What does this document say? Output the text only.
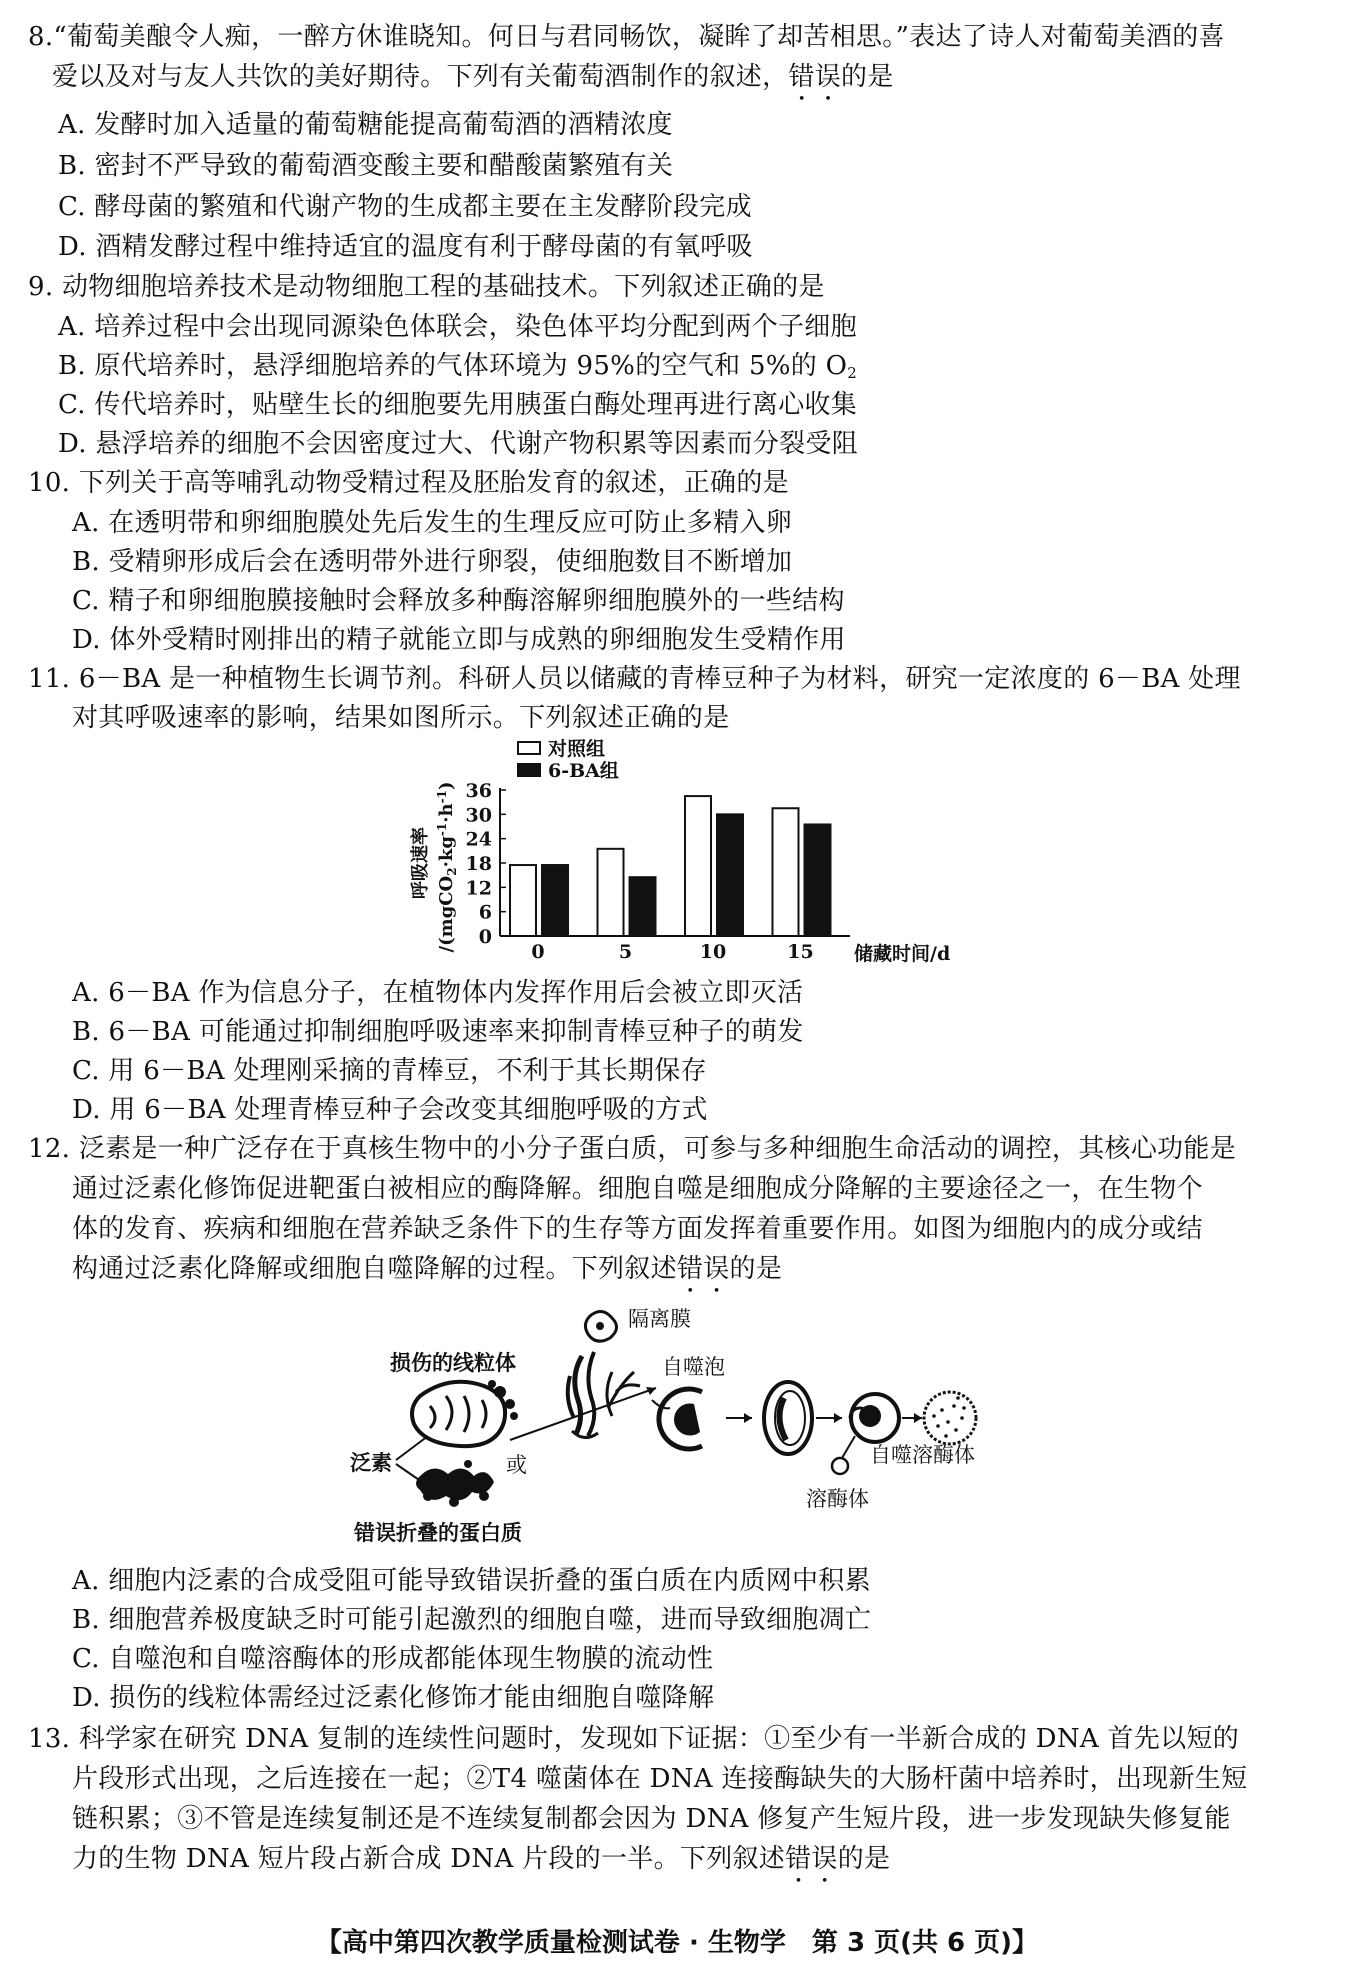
8.“葡萄美酿令人痴，一醉方休谁晓知。何日与君同畅饮，凝眸了却苦相思。”表达了诗人对葡萄美酒的喜
爱以及对与友人共饮的美好期待。下列有关葡萄酒制作的叙述，错误的是
A. 发酵时加入适量的葡萄糖能提高葡萄酒的酒精浓度
B. 密封不严导致的葡萄酒变酸主要和醋酸菌繁殖有关
C. 酵母菌的繁殖和代谢产物的生成都主要在主发酵阶段完成
D. 酒精发酵过程中维持适宜的温度有利于酵母菌的有氧呼吸
9. 动物细胞培养技术是动物细胞工程的基础技术。下列叙述正确的是
A. 培养过程中会出现同源染色体联会，染色体平均分配到两个子细胞
B. 原代培养时，悬浮细胞培养的气体环境为 95%的空气和 5%的 $O_2$
C. 传代培养时，贴壁生长的细胞要先用胰蛋白酶处理再进行离心收集
D. 悬浮培养的细胞不会因密度过大、代谢产物积累等因素而分裂受阻
10. 下列关于高等哺乳动物受精过程及胚胎发育的叙述，正确的是
A. 在透明带和卵细胞膜处先后发生的生理反应可防止多精入卵
B. 受精卵形成后会在透明带外进行卵裂，使细胞数目不断增加
C. 精子和卵细胞膜接触时会释放多种酶溶解卵细胞膜外的一些结构
D. 体外受精时刚排出的精子就能立即与成熟的卵细胞发生受精作用
11. 6－BA 是一种植物生长调节剂。科研人员以储藏的青棒豆种子为材料，研究一定浓度的 6－BA 处理
对其呼吸速率的影响，结果如图所示。下列叙述正确的是
0
6
12
18
24
30
36
0	5	10	15 储藏时间/d
呼吸速率
$/(mgCO_2\cdot kg^{-1}\cdot h^{-1})$
对照组
6-BA组
A. 6－BA 作为信息分子，在植物体内发挥作用后会被立即灭活
B. 6－BA 可能通过抑制细胞呼吸速率来抑制青棒豆种子的萌发
C. 用 6－BA 处理刚采摘的青棒豆，不利于其长期保存
D. 用 6－BA 处理青棒豆种子会改变其细胞呼吸的方式
12. 泛素是一种广泛存在于真核生物中的小分子蛋白质，可参与多种细胞生命活动的调控，其核心功能是
通过泛素化修饰促进靶蛋白被相应的酶降解。细胞自噬是细胞成分降解的主要途径之一，在生物个
体的发育、疾病和细胞在营养缺乏条件下的生存等方面发挥着重要作用。如图为细胞内的成分或结
构通过泛素化降解或细胞自噬降解的过程。下列叙述错误的是
隔离膜
自噬泡
溶酶体
自噬溶酶体
损伤的线粒体
泛素	或
错误折叠的蛋白质
A. 细胞内泛素的合成受阻可能导致错误折叠的蛋白质在内质网中积累
B. 细胞营养极度缺乏时可能引起激烈的细胞自噬，进而导致细胞凋亡
C. 自噬泡和自噬溶酶体的形成都能体现生物膜的流动性
D. 损伤的线粒体需经过泛素化修饰才能由细胞自噬降解
13. 科学家在研究 DNA 复制的连续性问题时，发现如下证据：①至少有一半新合成的 DNA 首先以短的
片段形式出现，之后连接在一起；②T4 噬菌体在 DNA 连接酶缺失的大肠杆菌中培养时，出现新生短
链积累；③不管是连续复制还是不连续复制都会因为 DNA 修复产生短片段，进一步发现缺失修复能
力的生物 DNA 短片段占新合成 DNA 片段的一半。下列叙述错误的是
【高中第四次教学质量检测试卷 · 生物学　第 3 页(共 6 页)】
